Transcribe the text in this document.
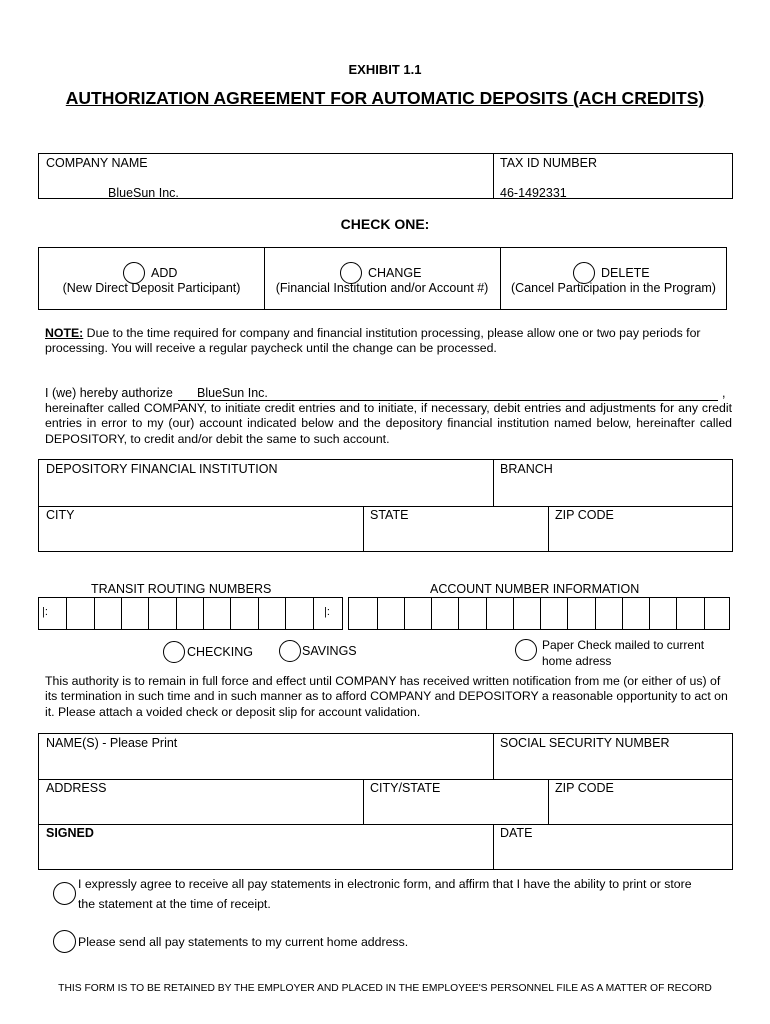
EXHIBIT 1.1
AUTHORIZATION AGREEMENT FOR AUTOMATIC DEPOSITS (ACH CREDITS)
COMPANY NAME
BlueSun Inc.
TAX ID NUMBER
46-1492331
CHECK ONE:
ADD
(New Direct Deposit Participant)
CHANGE
(Financial Institution and/or Account #)
DELETE
(Cancel Participation in the Program)
NOTE: Due to the time required for company and financial institution processing, please allow one or two pay periods for processing. You will receive a regular paycheck until the change can be processed.
I (we) hereby authorize BlueSun Inc.	,
hereinafter called COMPANY, to initiate credit entries and to initiate, if necessary, debit entries and adjustments for any credit entries in error to my (our) account indicated below and the depository financial institution named below, hereinafter called DEPOSITORY, to credit and/or debit the same to such account.
DEPOSITORY FINANCIAL INSTITUTION	BRANCH
CITY	STATE	ZIP CODE
TRANSIT ROUTING NUMBERS	ACCOUNT NUMBER INFORMATION
|:	|:
CHECKING	SAVINGS	Paper Check mailed to current
home adress
This authority is to remain in full force and effect until COMPANY has received written notification from me (or either of us) of its termination in such time and in such manner as to afford COMPANY and DEPOSITORY a reasonable opportunity to act on it. Please attach a voided check or deposit slip for account validation.
NAME(S) - Please Print	SOCIAL SECURITY NUMBER
ADDRESS	CITY/STATE	ZIP CODE
SIGNED	DATE
I expressly agree to receive all pay statements in electronic form, and affirm that I have the ability to print or store
the statement at the time of receipt.
Please send all pay statements to my current home address.
THIS FORM IS TO BE RETAINED BY THE EMPLOYER AND PLACED IN THE EMPLOYEE'S PERSONNEL FILE AS A MATTER OF RECORD
